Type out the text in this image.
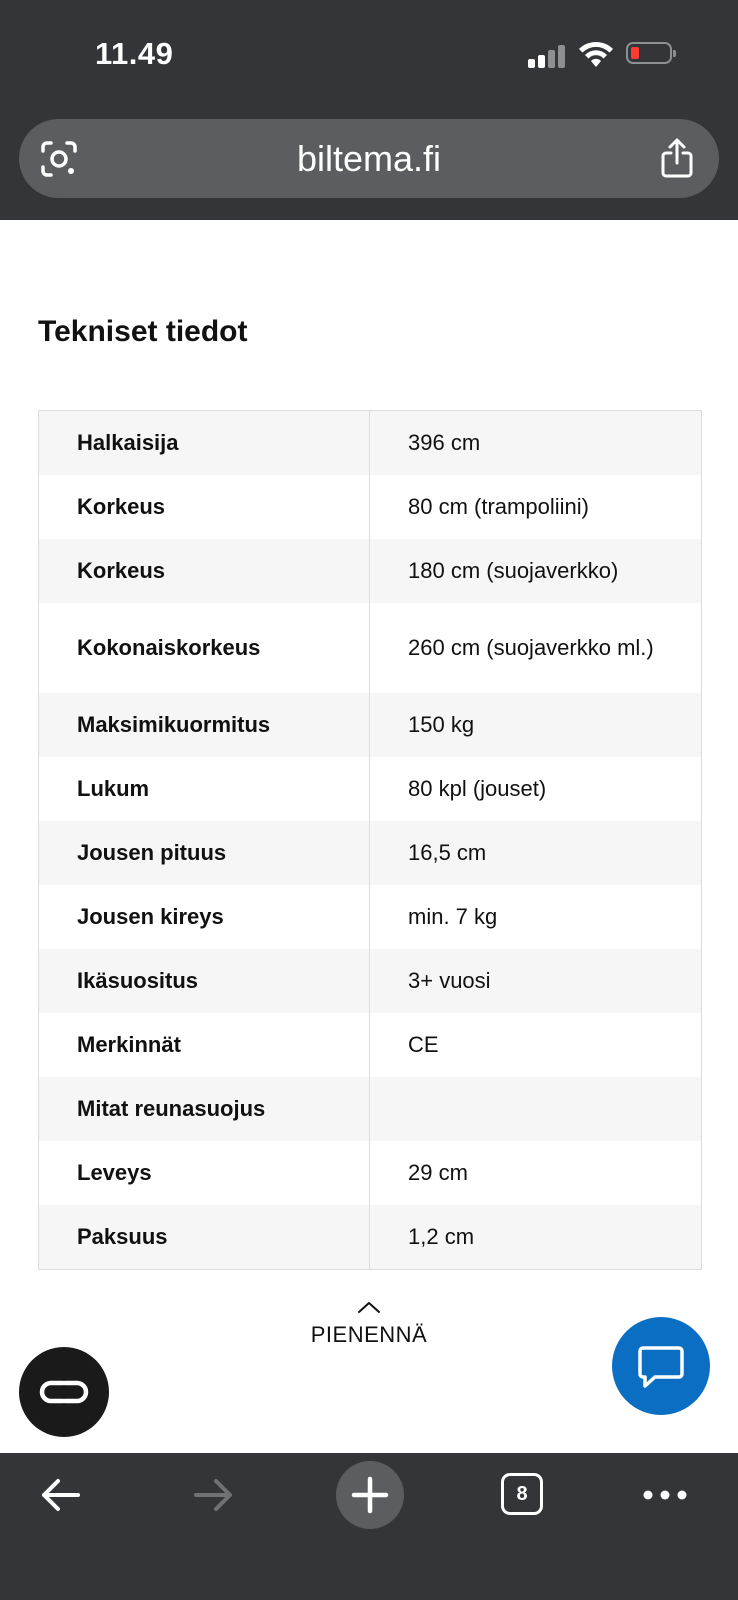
11.49
biltema.fi
Tekniset tiedot
Halkaisija	396 cm
Korkeus	80 cm (trampoliini)
Korkeus	180 cm (suojaverkko)
Kokonaiskorkeus	260 cm (suojaverkko ml.)
Maksimikuormitus	150 kg
Lukum	80 kpl (jouset)
Jousen pituus	16,5 cm
Jousen kireys	min. 7 kg
Ikäsuositus	3+ vuosi
Merkinnät	CE
Mitat reunasuojus
Leveys	29 cm
Paksuus	1,2 cm
PIENENNÄ
8
